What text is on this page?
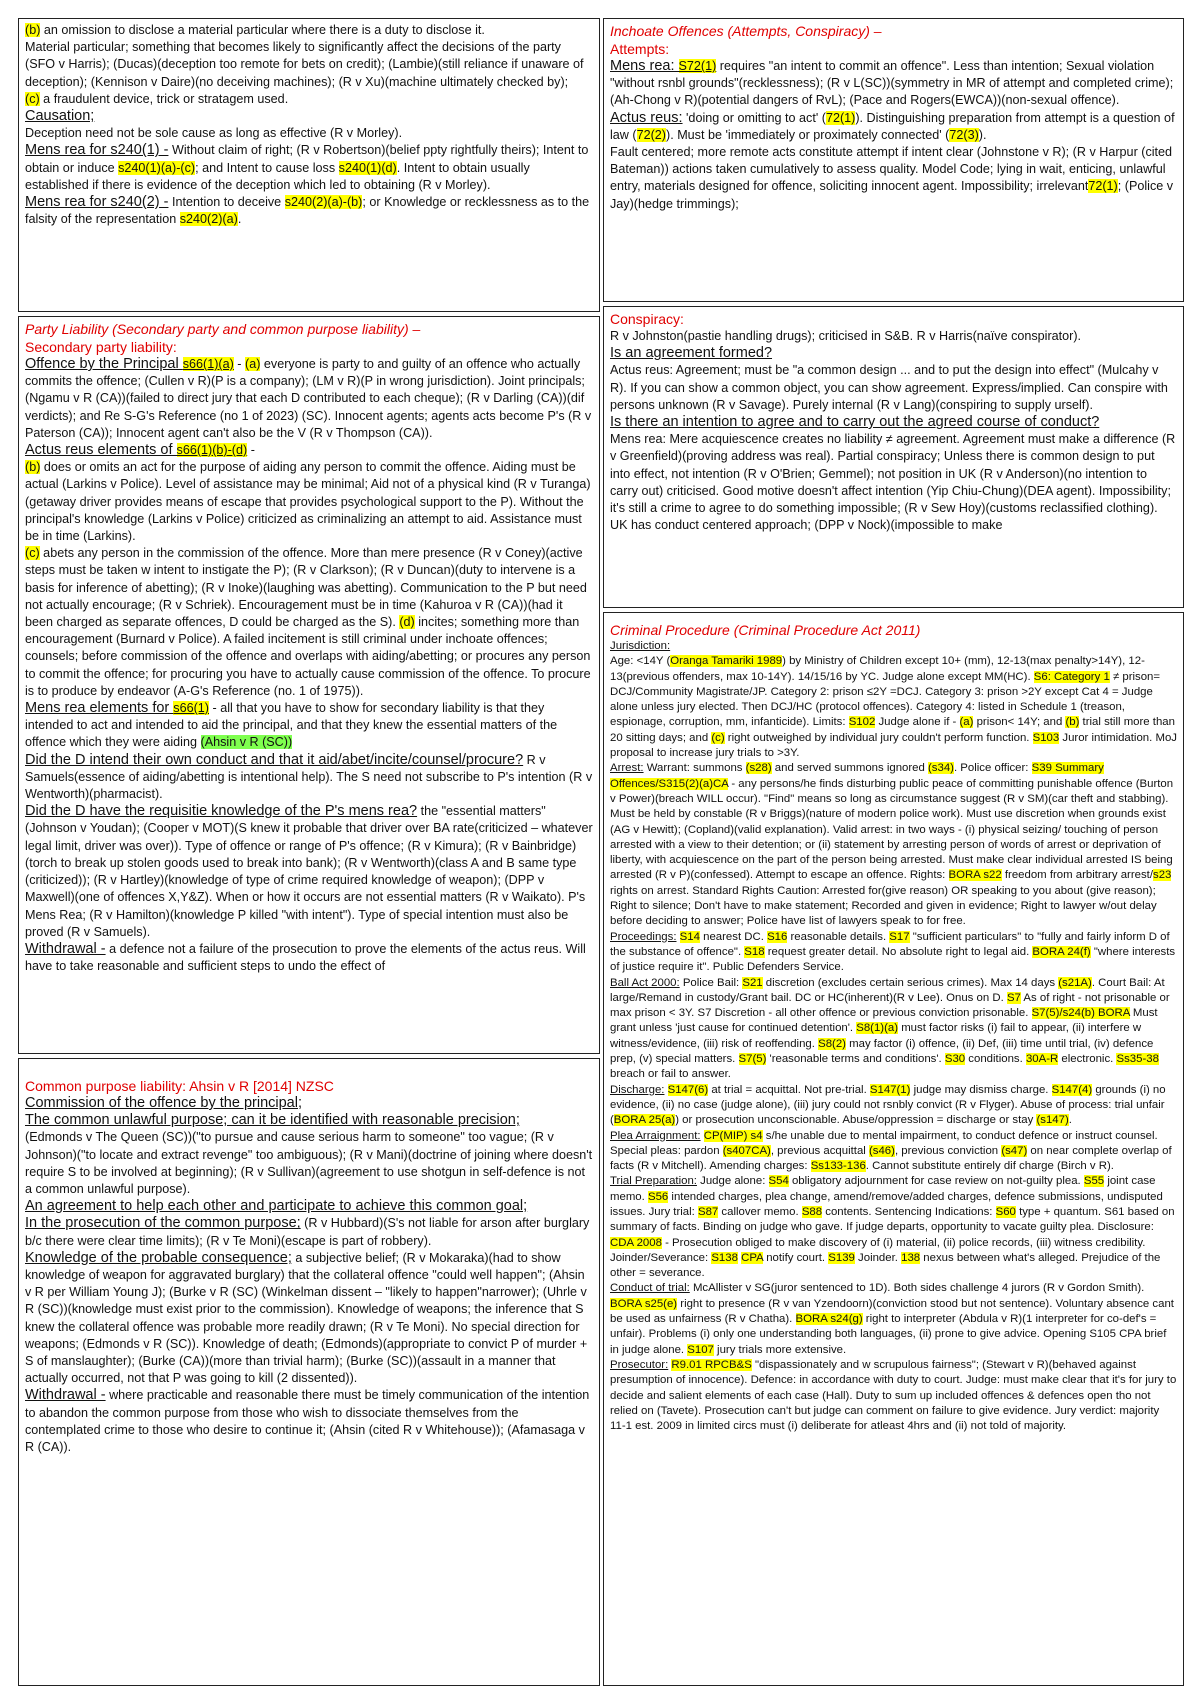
(b) an omission to disclose a material particular where there is a duty to disclose it.

Material particular; something that becomes likely to significantly affect the decisions of the party (SFO v Harris); (Ducas)(deception too remote for bets on credit); (Lambie)(still reliance if unaware of deception); (Kennison v Daire)(no deceiving machines); (R v Xu)(machine ultimately checked by);

(c) a fraudulent device, trick or stratagem used.

Causation;

Deception need not be sole cause as long as effective (R v Morley).

Mens rea for s240(1) - Without claim of right; (R v Robertson)(belief ppty rightfully theirs); Intent to obtain or induce s240(1)(a)-(c); and Intent to cause loss s240(1)(d). Intent to obtain usually established if there is evidence of the deception which led to obtaining (R v Morley).

Mens rea for s240(2) - Intention to deceive s240(2)(a)-(b); or Knowledge or recklessness as to the falsity of the representation s240(2)(a).

Party Liability (Secondary party and common purpose liability) –

Secondary party liability:

Offence by the Principal s66(1)(a) - (a) everyone is party to and guilty of an offence who actually commits the offence; (Cullen v R)(P is a company); (LM v R)(P in wrong jurisdiction). Joint principals; (Ngamu v R (CA))(failed to direct jury that each D contributed to each cheque); (R v Darling (CA))(dif verdicts); and Re S-G's Reference (no 1 of 2023) (SC). Innocent agents; agents acts become P's (R v Paterson (CA)); Innocent agent can't also be the V (R v Thompson (CA)).

Actus reus elements of s66(1)(b)-(d) -

(b) does or omits an act for the purpose of aiding any person to commit the offence. Aiding must be actual (Larkins v Police). Level of assistance may be minimal; Aid not of a physical kind (R v Turanga)(getaway driver provides means of escape that provides psychological support to the P). Without the principal's knowledge (Larkins v Police) criticized as criminalizing an attempt to aid. Assistance must be in time (Larkins).

(c) abets any person in the commission of the offence. More than mere presence (R v Coney)(active steps must be taken w intent to instigate the P); (R v Clarkson); (R v Duncan)(duty to intervene is a basis for inference of abetting); (R v Inoke)(laughing was abetting). Communication to the P but need not actually encourage; (R v Schriek). Encouragement must be in time (Kahuroa v R (CA))(had it been charged as separate offences, D could be charged as the S). (d) incites; something more than encouragement (Burnard v Police). A failed incitement is still criminal under inchoate offences; counsels; before commission of the offence and overlaps with aiding/abetting; or procures any person to commit the offence; for procuring you have to actually cause commission of the offence. To procure is to produce by endeavor (A-G's Reference (no. 1 of 1975)).

Mens rea elements for s66(1) - all that you have to show for secondary liability is that they intended to act and intended to aid the principal, and that they knew the essential matters of the offence which they were aiding (Ahsin v R (SC))

Did the D intend their own conduct and that it aid/abet/incite/counsel/procure? R v Samuels(essence of aiding/abetting is intentional help). The S need not subscribe to P's intention (R v Wentworth)(pharmacist).

Did the D have the requisitie knowledge of the P's mens rea? the "essential matters" (Johnson v Youdan); (Cooper v MOT)(S knew it probable that driver over BA rate(criticized – whatever legal limit, driver was over)). Type of offence or range of P's offence; (R v Kimura); (R v Bainbridge)(torch to break up stolen goods used to break into bank); (R v Wentworth)(class A and B same type (criticized)); (R v Hartley)(knowledge of type of crime required knowledge of weapon); (DPP v Maxwell)(one of offences X,Y&Z). When or how it occurs are not essential matters (R v Waikato). P's Mens Rea; (R v Hamilton)(knowledge P killed "with intent"). Type of special intention must also be proved (R v Samuels).

Withdrawal - a defence not a failure of the prosecution to prove the elements of the actus reus. Will have to take reasonable and sufficient steps to undo the effect of

Common purpose liability: Ahsin v R [2014] NZSC

Commission of the offence by the principal;

The common unlawful purpose; can it be identified with reasonable precision;

(Edmonds v The Queen (SC))("to pursue and cause serious harm to someone" too vague; (R v Johnson)("to locate and extract revenge" too ambiguous); (R v Mani)(doctrine of joining where doesn't require S to be involved at beginning); (R v Sullivan)(agreement to use shotgun in self-defence is not a common unlawful purpose).

An agreement to help each other and participate to achieve this common goal;

In the prosecution of the common purpose; (R v Hubbard)(S's not liable for arson after burglary b/c there were clear time limits); (R v Te Moni)(escape is part of robbery).

Knowledge of the probable consequence; a subjective belief; (R v Mokaraka)(had to show knowledge of weapon for aggravated burglary) that the collateral offence "could well happen"; (Ahsin v R per William Young J); (Burke v R (SC) (Winkelman dissent – "likely to happen"narrower); (Uhrle v R (SC))(knowledge must exist prior to the commission). Knowledge of weapons; the inference that S knew the collateral offence was probable more readily drawn; (R v Te Moni). No special direction for weapons; (Edmonds v R (SC)). Knowledge of death; (Edmonds)(appropriate to convict P of murder + S of manslaughter); (Burke (CA))(more than trivial harm); (Burke (SC))(assault in a manner that actually occurred, not that P was going to kill (2 dissented)).

Withdrawal - where practicable and reasonable there must be timely communication of the intention to abandon the common purpose from those who wish to dissociate themselves from the contemplated crime to those who desire to continue it; (Ahsin (cited R v Whitehouse)); (Afamasaga v R (CA)).

Inchoate Offences (Attempts, Conspiracy) –

Attempts:

Mens rea: S72(1) requires "an intent to commit an offence". Less than intention; Sexual violation "without rsnbl grounds"(recklessness); (R v L(SC))(symmetry in MR of attempt and completed crime); (Ah-Chong v R)(potential dangers of RvL); (Pace and Rogers(EWCA))(non-sexual offence).

Actus reus: 'doing or omitting to act' (72(1)). Distinguishing preparation from attempt is a question of law (72(2)). Must be 'immediately or proximately connected' (72(3)).

Fault centered; more remote acts constitute attempt if intent clear (Johnstone v R); (R v Harpur (cited Bateman)) actions taken cumulatively to assess quality. Model Code; lying in wait, enticing, unlawful entry, materials designed for offence, soliciting innocent agent. Impossibility; irrelevant72(1); (Police v Jay)(hedge trimmings);

Conspiracy:

R v Johnston(pastie handling drugs); criticised in S&B. R v Harris(naïve conspirator).

Is an agreement formed?

Actus reus: Agreement; must be "a common design ... and to put the design into effect" (Mulcahy v R). If you can show a common object, you can show agreement. Express/implied. Can conspire with persons unknown (R v Savage). Purely internal (R v Lang)(conspiring to supply urself).

Is there an intention to agree and to carry out the agreed course of conduct?

Mens rea: Mere acquiescence creates no liability ≠ agreement. Agreement must make a difference (R v Greenfield)(proving address was real). Partial conspiracy; Unless there is common design to put into effect, not intention (R v O'Brien; Gemmel); not position in UK (R v Anderson)(no intention to carry out) criticised. Good motive doesn't affect intention (Yip Chiu-Chung)(DEA agent). Impossibility; it's still a crime to agree to do something impossible; (R v Sew Hoy)(customs reclassified clothing). UK has conduct centered approach; (DPP v Nock)(impossible to make

Criminal Procedure (Criminal Procedure Act 2011)

Jurisdiction:

Age: <14Y (Oranga Tamariki 1989) by Ministry of Children except 10+ (mm), 12-13(max penalty>14Y), 12-13(previous offenders, max 10-14Y). 14/15/16 by YC. Judge alone except MM(HC). S6: Category 1 ≠ prison= DCJ/Community Magistrate/JP. Category 2: prison ≤2Y =DCJ. Category 3: prison >2Y except Cat 4 = Judge alone unless jury elected. Then DCJ/HC (protocol offences). Category 4: listed in Schedule 1 (treason, espionage, corruption, mm, infanticide). Limits: S102 Judge alone if - (a) prison< 14Y; and (b) trial still more than 20 sitting days; and (c) right outweighed by individual jury couldn't perform function. S103 Juror intimidation. MoJ proposal to increase jury trials to >3Y.

Arrest: Warrant: summons (s28) and served summons ignored (s34). Police officer: S39 Summary Offences/S315(2)(a)CA - any persons/he finds disturbing public peace of committing punishable offence (Burton v Power)(breach WILL occur). "Find" means so long as circumstance suggest (R v SM)(car theft and stabbing). Must be held by constable (R v Briggs)(nature of modern police work). Must use discretion when grounds exist (AG v Hewitt); (Copland)(valid explanation). Valid arrest: in two ways - (i) physical seizing/ touching of person arrested with a view to their detention; or (ii) statement by arresting person of words of arrest or deprivation of liberty, with acquiescence on the part of the person being arrested. Must make clear individual arrested IS being arrested (R v P)(confessed). Attempt to escape an offence. Rights: BORA s22 freedom from arbitrary arrest/s23 rights on arrest. Standard Rights Caution: Arrested for(give reason) OR speaking to you about (give reason); Right to silence; Don't have to make statement; Recorded and given in evidence; Right to lawyer w/out delay before deciding to answer; Police have list of lawyers speak to for free.

Proceedings: S14 nearest DC. S16 reasonable details. S17 "sufficient particulars" to "fully and fairly inform D of the substance of offence". S18 request greater detail. No absolute right to legal aid. BORA 24(f) "where interests of justice require it". Public Defenders Service.

Ball Act 2000: Police Bail: S21 discretion (excludes certain serious crimes). Max 14 days (s21A). Court Bail: At large/Remand in custody/Grant bail. DC or HC(inherent)(R v Lee). Onus on D. S7 As of right - not prisonable or max prison < 3Y. S7 Discretion - all other offence or previous conviction prisonable. S7(5)/s24(b) BORA Must grant unless 'just cause for continued detention'. S8(1)(a) must factor risks (i) fail to appear, (ii) interfere w witness/evidence, (iii) risk of reoffending. S8(2) may factor (i) offence, (ii) Def, (iii) time until trial, (iv) defence prep, (v) special matters. S7(5) 'reasonable terms and conditions'. S30 conditions. 30A-R electronic. Ss35-38 breach or fail to answer.

Discharge: S147(6) at trial = acquittal. Not pre-trial. S147(1) judge may dismiss charge. S147(4) grounds (i) no evidence, (ii) no case (judge alone), (iii) jury could not rsnbly convict (R v Flyger). Abuse of process: trial unfair (BORA 25(a)) or prosecution unconscionable. Abuse/oppression = discharge or stay (s147).

Plea Arraignment: CP(MIP) s4 s/he unable due to mental impairment, to conduct defence or instruct counsel. Special pleas: pardon (s407CA), previous acquittal (s46), previous conviction (s47) on near complete overlap of facts (R v Mitchell). Amending charges: Ss133-136. Cannot substitute entirely dif charge (Birch v R).

Trial Preparation: Judge alone: S54 obligatory adjournment for case review on not-guilty plea. S55 joint case memo. S56 intended charges, plea change, amend/remove/added charges, defence submissions, undisputed issues. Jury trial: S87 callover memo. S88 contents. Sentencing Indications: S60 type + quantum. S61 based on summary of facts. Binding on judge who gave. If judge departs, opportunity to vacate guilty plea. Disclosure: CDA 2008 - Prosecution obliged to make discovery of (i) material, (ii) police records, (iii) witness credibility. Joinder/Severance: S138 CPA notify court. S139 Joinder. 138 nexus between what's alleged. Prejudice of the other = severance.

Conduct of trial: McAllister v SG(juror sentenced to 1D). Both sides challenge 4 jurors (R v Gordon Smith). BORA s25(e) right to presence (R v van Yzendoorn)(conviction stood but not sentence). Voluntary absence cant be used as unfairness (R v Chatha). BORA s24(g) right to interpreter (Abdula v R)(1 interpreter for co-def's = unfair). Problems (i) only one understanding both languages, (ii) prone to give advice. Opening S105 CPA brief in judge alone. S107 jury trials more extensive.

Prosecutor: R9.01 RPCB&S "dispassionately and w scrupulous fairness"; (Stewart v R)(behaved against presumption of innocence). Defence: in accordance with duty to court. Judge: must make clear that it's for jury to decide and salient elements of each case (Hall). Duty to sum up included offences & defences open tho not relied on (Tavete). Prosecution can't but judge can comment on failure to give evidence. Jury verdict: majority 11-1 est. 2009 in limited circs must (i) deliberate for atleast 4hrs and (ii) not told of majority.
